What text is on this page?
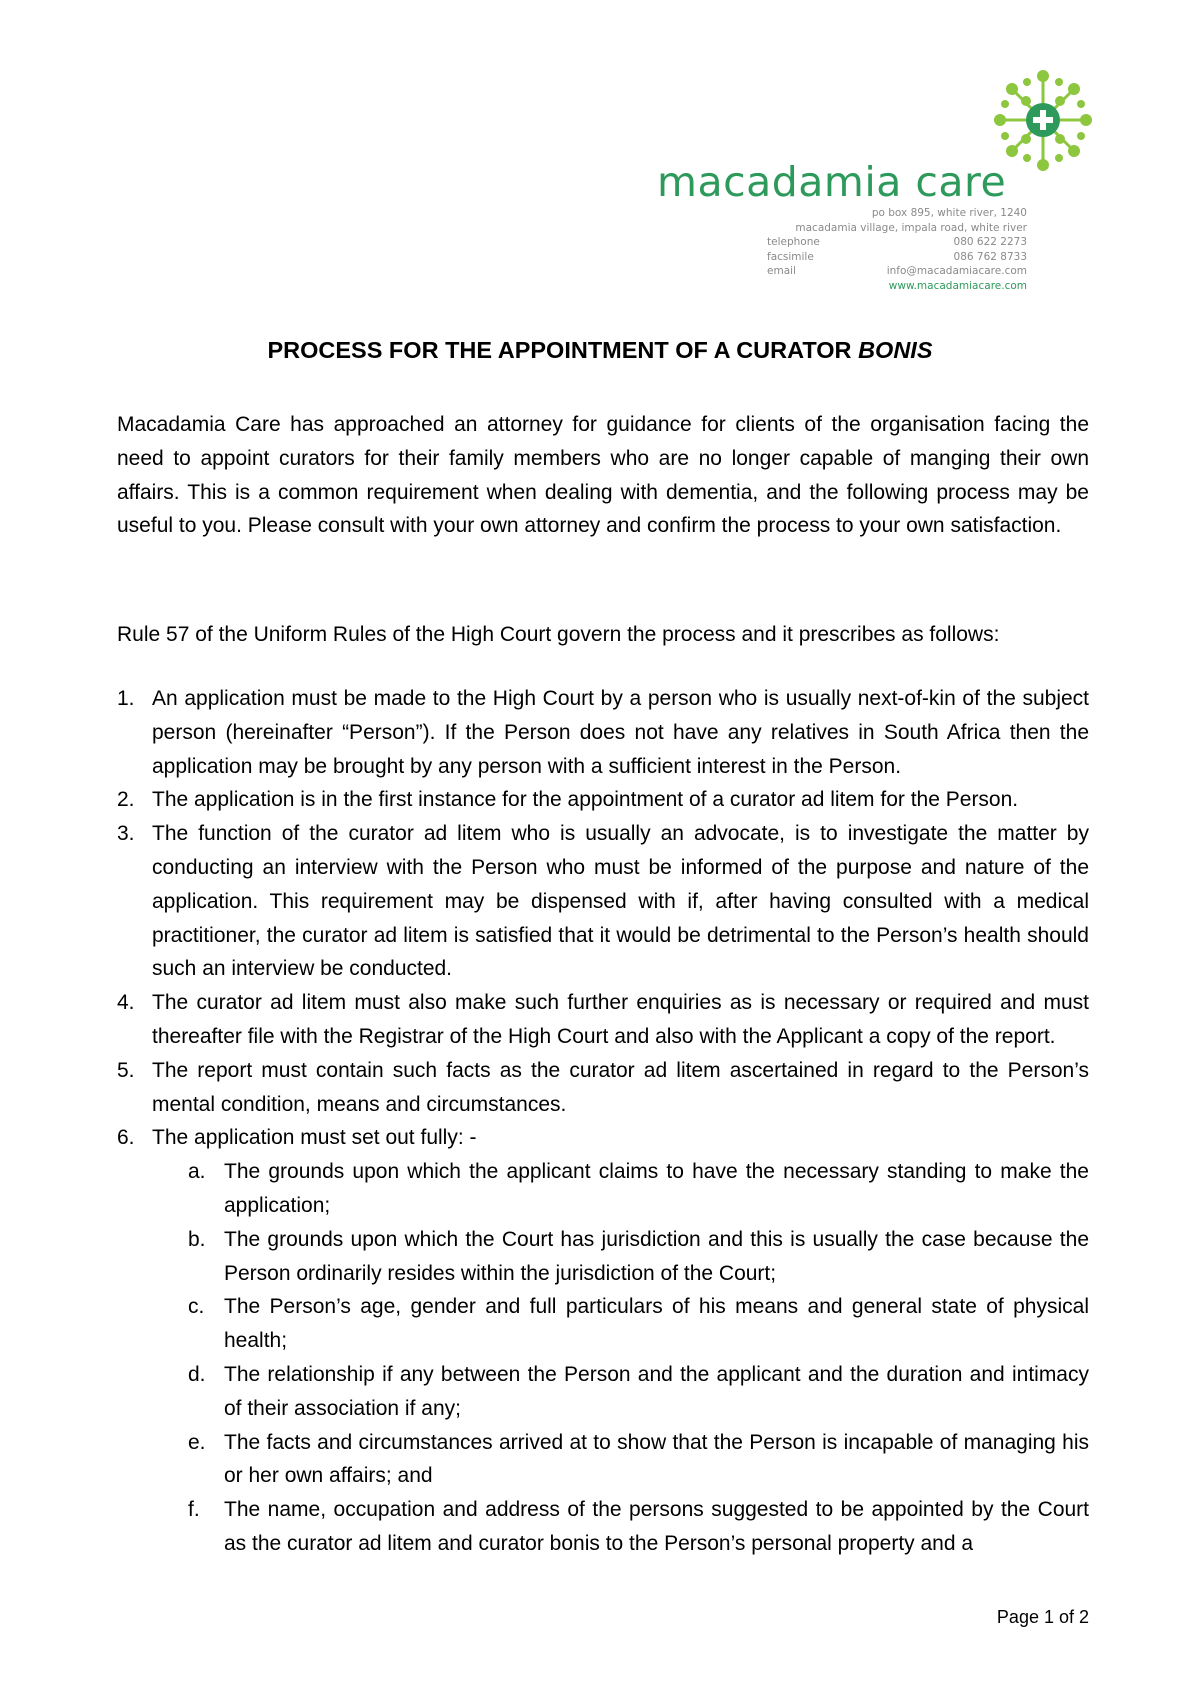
macadamia care
po box 895, white river, 1240
macadamia village, impala road, white river
telephone	080 622 2273
facsimile	086 762 8733
email	info@macadamiacare.com
www.macadamiacare.com
PROCESS FOR THE APPOINTMENT OF A CURATOR BONIS
Macadamia Care has approached an attorney for guidance for clients of the organisation facing the need to appoint curators for their family members who are no longer capable of manging their own affairs. This is a common requirement when dealing with dementia, and the following process may be useful to you. Please consult with your own attorney and confirm the process to your own satisfaction.
Rule 57 of the Uniform Rules of the High Court govern the process and it prescribes as follows:
1. An application must be made to the High Court by a person who is usually next-of-kin of the subject person (hereinafter “Person”). If the Person does not have any relatives in South Africa then the application may be brought by any person with a sufficient interest in the Person.
2. The application is in the first instance for the appointment of a curator ad litem for the Person.
3. The function of the curator ad litem who is usually an advocate, is to investigate the matter by conducting an interview with the Person who must be informed of the purpose and nature of the application. This requirement may be dispensed with if, after having consulted with a medical practitioner, the curator ad litem is satisfied that it would be detrimental to the Person’s health should such an interview be conducted.
4. The curator ad litem must also make such further enquiries as is necessary or required and must thereafter file with the Registrar of the High Court and also with the Applicant a copy of the report.
5. The report must contain such facts as the curator ad litem ascertained in regard to the Person’s mental condition, means and circumstances.
6. The application must set out fully: -
a. The grounds upon which the applicant claims to have the necessary standing to make the application;
b. The grounds upon which the Court has jurisdiction and this is usually the case because the Person ordinarily resides within the jurisdiction of the Court;
c. The Person’s age, gender and full particulars of his means and general state of physical health;
d. The relationship if any between the Person and the applicant and the duration and intimacy of their association if any;
e. The facts and circumstances arrived at to show that the Person is incapable of managing his or her own affairs; and
f. The name, occupation and address of the persons suggested to be appointed by the Court as the curator ad litem and curator bonis to the Person’s personal property and a
Page 1 of 2
